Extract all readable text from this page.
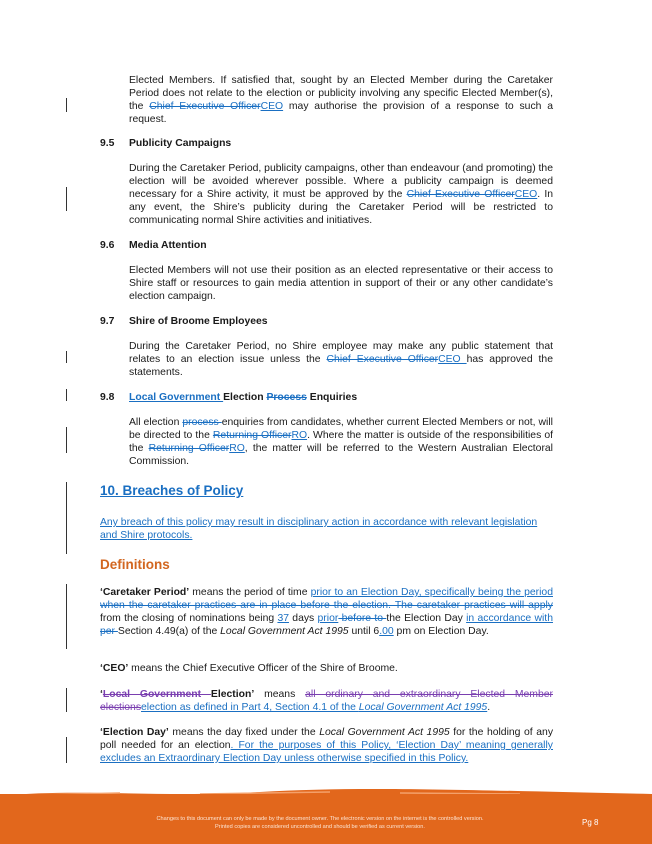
Elected Members. If satisfied that, sought by an Elected Member during the Caretaker Period does not relate to the election or publicity involving any specific Elected Member(s), the Chief Executive OfficerCEO may authorise the provision of a response to such a request.
9.5 Publicity Campaigns
During the Caretaker Period, publicity campaigns, other than endeavour (and promoting) the election will be avoided wherever possible. Where a publicity campaign is deemed necessary for a Shire activity, it must be approved by the Chief Executive OfficerCEO. In any event, the Shire’s publicity during the Caretaker Period will be restricted to communicating normal Shire activities and initiatives.
9.6 Media Attention
Elected Members will not use their position as an elected representative or their access to Shire staff or resources to gain media attention in support of their or any other candidate’s election campaign.
9.7 Shire of Broome Employees
During the Caretaker Period, no Shire employee may make any public statement that relates to an election issue unless the Chief Executive OfficerCEO has approved the statements.
9.8 Local Government Election Process Enquiries
All election process enquiries from candidates, whether current Elected Members or not, will be directed to the Returning OfficerRO. Where the matter is outside of the responsibilities of the Returning OfficerRO, the matter will be referred to the Western Australian Electoral Commission.
10. Breaches of Policy
Any breach of this policy may result in disciplinary action in accordance with relevant legislation and Shire protocols.
Definitions
‘Caretaker Period’ means the period of time prior to an Election Day, specifically being the period when the caretaker practices are in place before the election. The caretaker practices will apply from the closing of nominations being 37 days prior before to the Election Day in accordance with per Section 4.49(a) of the Local Government Act 1995 until 6.00 pm on Election Day.
‘CEO’ means the Chief Executive Officer of the Shire of Broome.
‘Local Government Election’ means all ordinary and extraordinary Elected Member electionselection as defined in Part 4, Section 4.1 of the Local Government Act 1995.
‘Election Day’ means the day fixed under the Local Government Act 1995 for the holding of any poll needed for an election. For the purposes of this Policy, ‘Election Day’ meaning generally excludes an Extraordinary Election Day unless otherwise specified in this Policy.
Changes to this document can only be made by the document owner. The electronic version on the internet is the controlled version.
Printed copies are considered uncontrolled and should be verified as current version.	Pg 8
